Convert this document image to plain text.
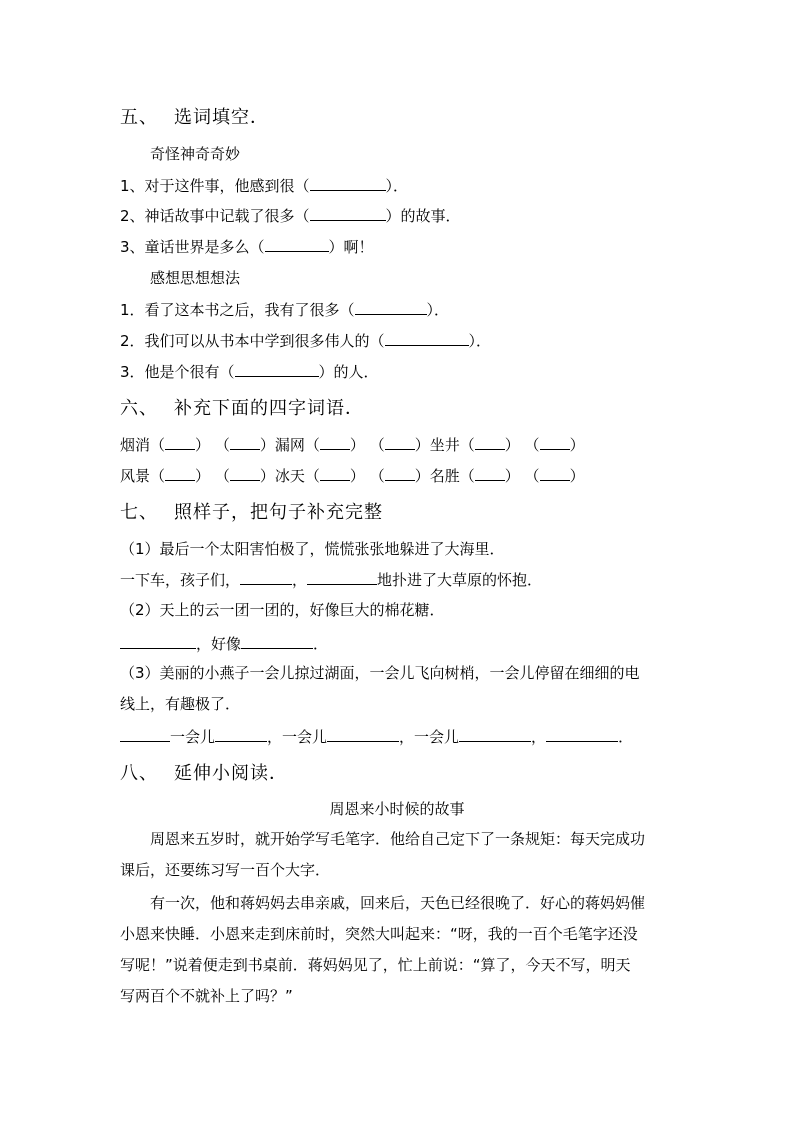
五、 选词填空．
奇怪神奇奇妙
1、对于这件事，他感到很（	）．
2、神话故事中记载了很多（	）的故事．
3、童话世界是多么（	）啊！
感想思想想法
1．看了这本书之后，我有了很多（	）．
2．我们可以从书本中学到很多伟人的（	）．
3．他是个很有（	）的人．
六、 补充下面的四字词语．
烟消（ ） （ ）漏网（ ） （ ）坐井（ ） （ ）
风景（ ） （ ）冰天（ ） （ ）名胜（ ） （ ）
七、 照样子，把句子补充完整
（1）最后一个太阳害怕极了，慌慌张张地躲进了大海里．
一下车，孩子们，	，	地扑进了大草原的怀抱．
（2）天上的云一团一团的，好像巨大的棉花糖．
，好像	．
（3）美丽的小燕子一会儿掠过湖面，一会儿飞向树梢，一会儿停留在细细的电
线上，有趣极了．
一会儿	，一会儿	，一会儿	，	．
八、 延伸小阅读．
周恩来小时候的故事
周恩来五岁时，就开始学写毛笔字．他给自己定下了一条规矩：每天完成功
课后，还要练习写一百个大字．
有一次，他和蒋妈妈去串亲戚，回来后，天色已经很晚了．好心的蒋妈妈催
小恩来快睡．小恩来走到床前时，突然大叫起来：“呀，我的一百个毛笔字还没
写呢！”说着便走到书桌前．蒋妈妈见了，忙上前说：“算了，今天不写，明天
写两百个不就补上了吗？”
